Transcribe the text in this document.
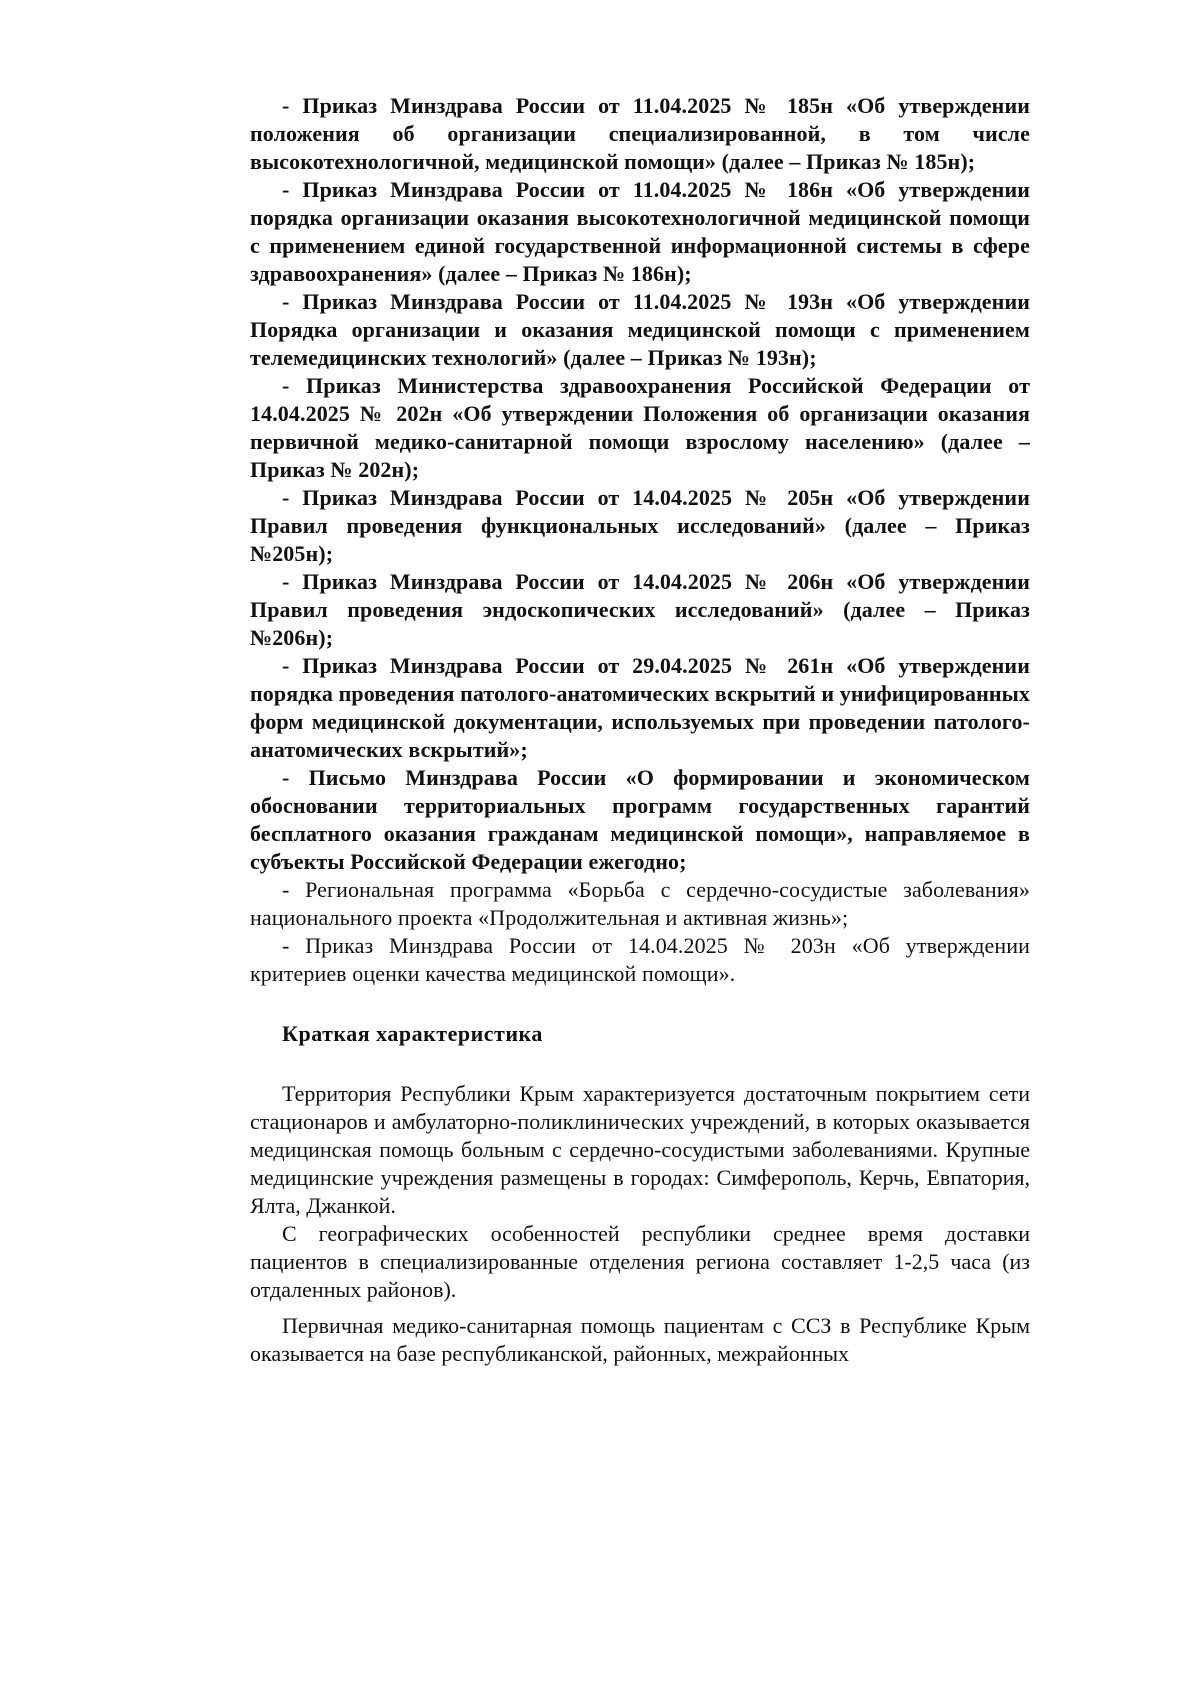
- Приказ Минздрава России от 11.04.2025 № 185н «Об утверждении положения об организации специализированной, в том числе высокотехнологичной, медицинской помощи» (далее – Приказ № 185н);

- Приказ Минздрава России от 11.04.2025 № 186н «Об утверждении порядка организации оказания высокотехнологичной медицинской помощи с применением единой государственной информационной системы в сфере здравоохранения» (далее – Приказ № 186н);

- Приказ Минздрава России от 11.04.2025 № 193н «Об утверждении Порядка организации и оказания медицинской помощи с применением телемедицинских технологий» (далее – Приказ № 193н);

- Приказ Министерства здравоохранения Российской Федерации от 14.04.2025 № 202н «Об утверждении Положения об организации оказания первичной медико-санитарной помощи взрослому населению» (далее – Приказ № 202н);

- Приказ Минздрава России от 14.04.2025 № 205н «Об утверждении Правил проведения функциональных исследований» (далее – Приказ №205н);

- Приказ Минздрава России от 14.04.2025 № 206н «Об утверждении Правил проведения эндоскопических исследований» (далее – Приказ №206н);

- Приказ Минздрава России от 29.04.2025 № 261н «Об утверждении порядка проведения патолого-анатомических вскрытий и унифицированных форм медицинской документации, используемых при проведении патолого-анатомических вскрытий»;

- Письмо Минздрава России «О формировании и экономическом обосновании территориальных программ государственных гарантий бесплатного оказания гражданам медицинской помощи», направляемое в субъекты Российской Федерации ежегодно;

- Региональная программа «Борьба с сердечно-сосудистые заболевания» национального проекта «Продолжительная и активная жизнь»;

- Приказ Минздрава России от 14.04.2025 № 203н «Об утверждении критериев оценки качества медицинской помощи».

Краткая характеристика

Территория Республики Крым характеризуется достаточным покрытием сети стационаров и амбулаторно-поликлинических учреждений, в которых оказывается медицинская помощь больным с сердечно-сосудистыми заболеваниями. Крупные медицинские учреждения размещены в городах: Симферополь, Керчь, Евпатория, Ялта, Джанкой.

С географических особенностей республики среднее время доставки пациентов в специализированные отделения региона составляет 1-2,5 часа (из отдаленных районов).

Первичная медико-санитарная помощь пациентам с ССЗ в Республике Крым оказывается на базе республиканской, районных, межрайонных
